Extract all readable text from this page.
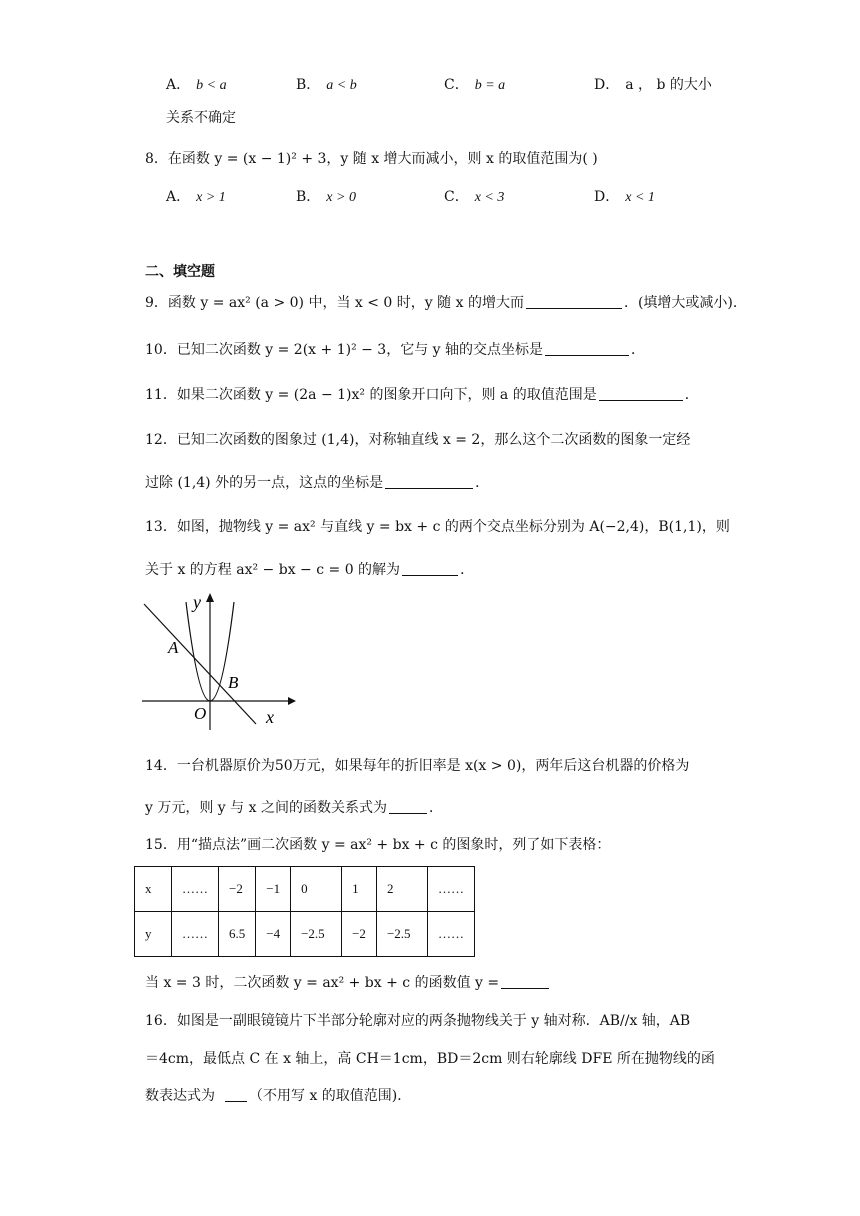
A． b < a	B． a < b	C． b = a	D． a ， b 的大小
关系不确定
8．在函数 y = (x − 1)² + 3，y 随 x 增大而减小，则 x 的取值范围为( )
A． x > 1	B． x > 0	C． x < 3	D． x < 1
二、填空题
9．函数 y = ax² (a > 0) 中，当 x < 0 时，y 随 x 的增大而	．(填增大或减小)．
10．已知二次函数 y = 2(x + 1)² − 3，它与 y 轴的交点坐标是	．
11．如果二次函数 y = (2a − 1)x² 的图象开口向下，则 a 的取值范围是	．
12．已知二次函数的图象过 (1,4)，对称轴直线 x = 2，那么这个二次函数的图象一定经
过除 (1,4) 外的另一点，这点的坐标是	．
13．如图，抛物线 y = ax² 与直线 y = bx + c 的两个交点坐标分别为 A(−2,4)，B(1,1)，则
关于 x 的方程 ax² − bx − c = 0 的解为	．
y
x
O
A
B
14．一台机器原价为50万元，如果每年的折旧率是 x(x > 0)，两年后这台机器的价格为
y 万元，则 y 与 x 之间的函数关系式为	．
15．用“描点法”画二次函数 y = ax² + bx + c 的图象时，列了如下表格：
x	……	−2	−1	0	1	2	……
y	……	6.5	−4	−2.5	−2	−2.5	……
当 x = 3 时，二次函数 y = ax² + bx + c 的函数值 y =
16．如图是一副眼镜镜片下半部分轮廓对应的两条抛物线关于 y 轴对称．AB//x 轴，AB
＝4cm，最低点 C 在 x 轴上，高 CH＝1cm，BD＝2cm 则右轮廓线 DFE 所在抛物线的函
数表达式为 （不用写 x 的取值范围)．
